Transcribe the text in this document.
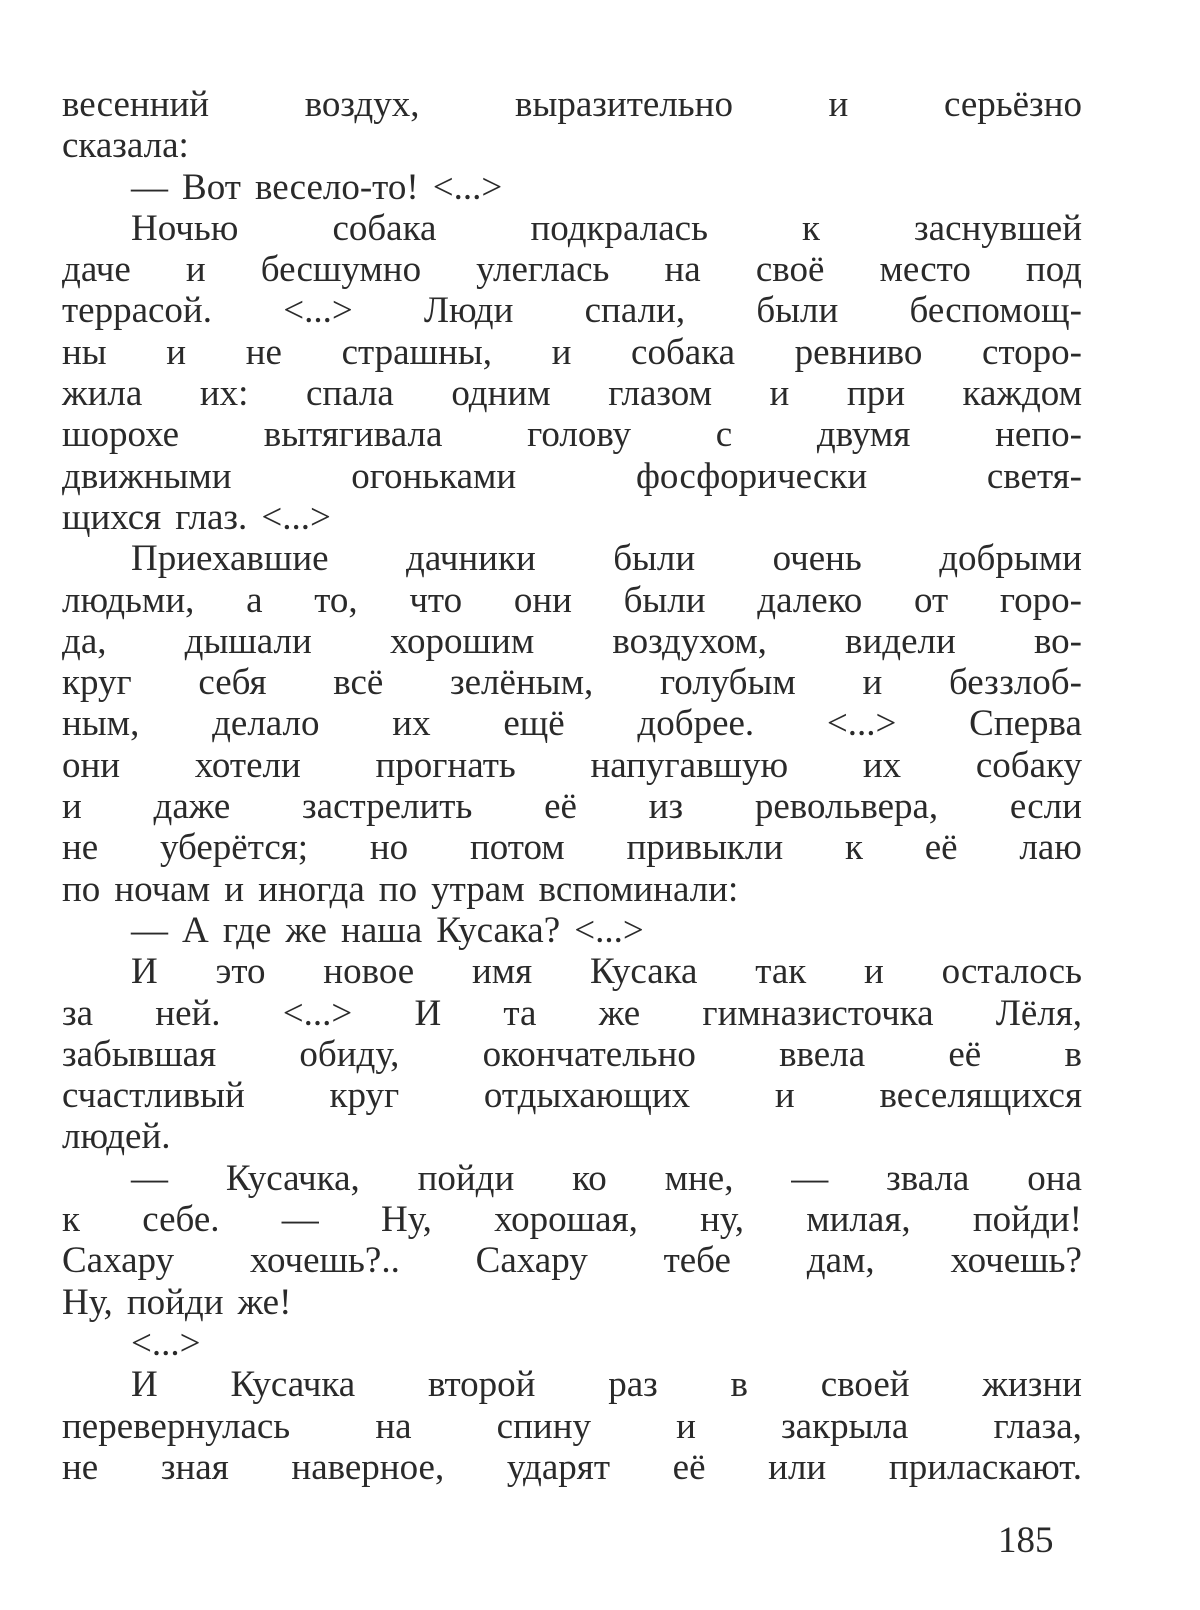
весенний	воздух,	выразительно	и	серьёзно
сказала:
— Вот весело-то! <...>
Ночью	собака	подкралась	к	заснувшей
даче и бесшумно улеглась на своё место под
террасой. <...> Люди спали, были беспомощ-
ны и не страшны, и собака ревниво сторо-
жила их: спала одним глазом и при каждом
шорохе вытягивала голову с двумя непо-
движными	огоньками	фосфорически	светя-
щихся глаз. <...>
Приехавшие дачники были очень добрыми
людьми, а то, что они были далеко от горо-
да, дышали хорошим воздухом, видели во-
круг себя всё зелёным, голубым и беззлоб-
ным, делало их ещё добрее. <...> Сперва
они хотели прогнать напугавшую их собаку
и даже застрелить её из револьвера, если
не уберётся; но потом привыкли к её лаю
по ночам и иногда по утрам вспоминали:
— А где же наша Кусака? <...>
И это новое имя Кусака так и осталось
за ней. <...> И та же гимназисточка Лёля,
забывшая обиду, окончательно ввела её в
счастливый круг отдыхающих и веселящихся
людей.
— Кусачка, пойди ко мне, — звала она
к себе. — Ну, хорошая, ну, милая, пойди!
Сахару хочешь?.. Сахару тебе дам, хочешь?
Ну, пойди же!
<...>
И Кусачка второй раз в своей жизни
перевернулась на спину и закрыла глаза,
не зная наверное, ударят её или приласкают.
185
